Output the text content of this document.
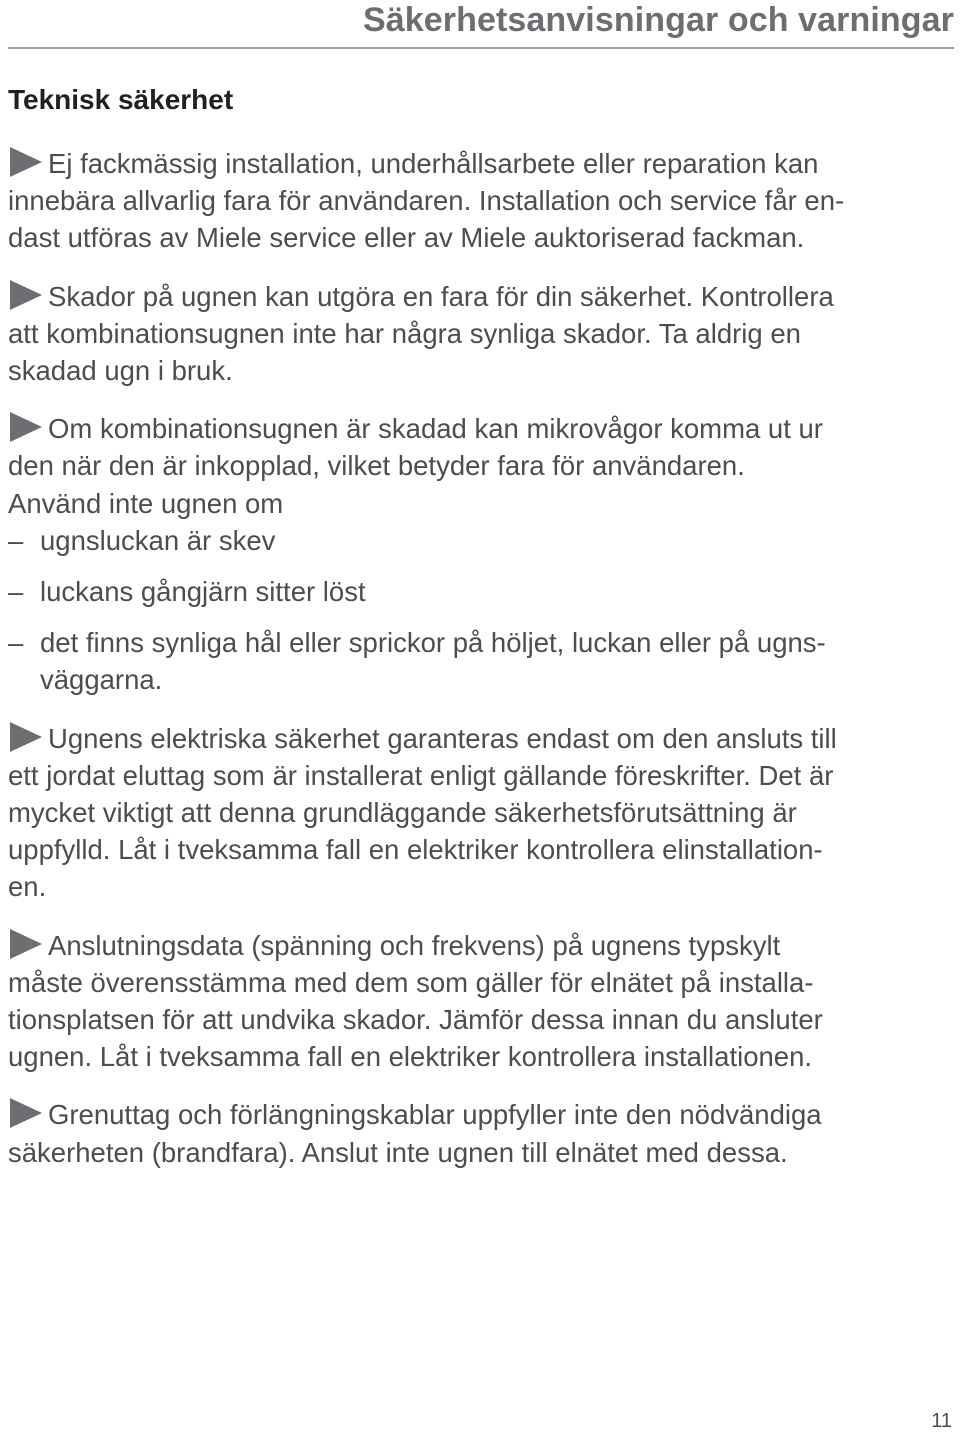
Säkerhetsanvisningar och varningar
Teknisk säkerhet

Ej fackmässig installation, underhållsarbete eller reparation kan
innebära allvarlig fara för användaren. Installation och service får en-
dast utföras av Miele service eller av Miele auktoriserad fackman.

Skador på ugnen kan utgöra en fara för din säkerhet. Kontrollera
att kombinationsugnen inte har några synliga skador. Ta aldrig en
skadad ugn i bruk.

Om kombinationsugnen är skadad kan mikrovågor komma ut ur
den när den är inkopplad, vilket betyder fara för användaren.
Använd inte ugnen om

– ugnsluckan är skev
– luckans gångjärn sitter löst
– det finns synliga hål eller sprickor på höljet, luckan eller på ugns-
väggarna.

Ugnens elektriska säkerhet garanteras endast om den ansluts till
ett jordat eluttag som är installerat enligt gällande föreskrifter. Det är
mycket viktigt att denna grundläggande säkerhetsförutsättning är
uppfylld. Låt i tveksamma fall en elektriker kontrollera elinstallation-
en.

Anslutningsdata (spänning och frekvens) på ugnens typskylt
måste överensstämma med dem som gäller för elnätet på installa-
tionsplatsen för att undvika skador. Jämför dessa innan du ansluter
ugnen. Låt i tveksamma fall en elektriker kontrollera installationen.

Grenuttag och förlängningskablar uppfyller inte den nödvändiga
säkerheten (brandfara). Anslut inte ugnen till elnätet med dessa.

11
